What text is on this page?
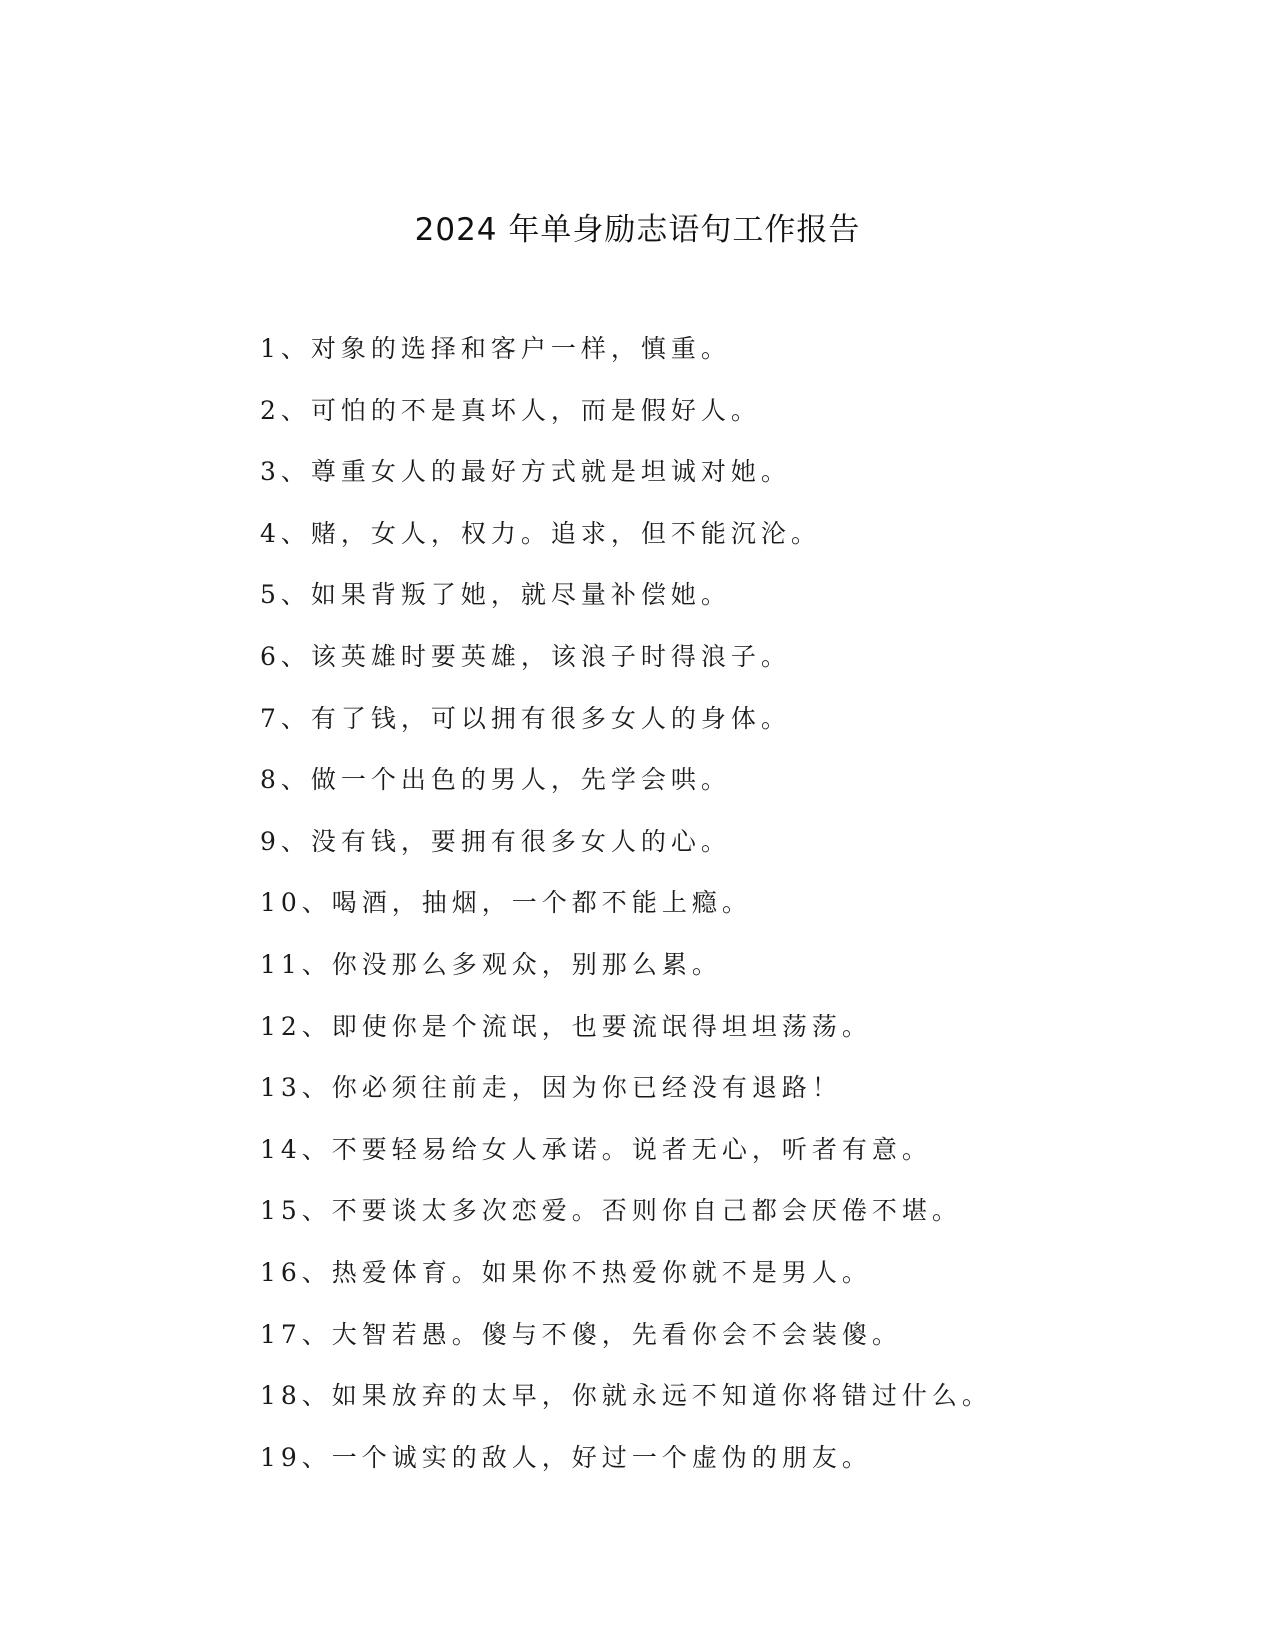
2024 年单身励志语句工作报告
1、对象的选择和客户一样，慎重。
2、可怕的不是真坏人，而是假好人。
3、尊重女人的最好方式就是坦诚对她。
4、赌，女人，权力。追求，但不能沉沦。
5、如果背叛了她，就尽量补偿她。
6、该英雄时要英雄，该浪子时得浪子。
7、有了钱，可以拥有很多女人的身体。
8、做一个出色的男人，先学会哄。
9、没有钱，要拥有很多女人的心。
10、喝酒，抽烟，一个都不能上瘾。
11、你没那么多观众，别那么累。
12、即使你是个流氓，也要流氓得坦坦荡荡。
13、你必须往前走，因为你已经没有退路！
14、不要轻易给女人承诺。说者无心，听者有意。
15、不要谈太多次恋爱。否则你自己都会厌倦不堪。
16、热爱体育。如果你不热爱你就不是男人。
17、大智若愚。傻与不傻，先看你会不会装傻。
18、如果放弃的太早，你就永远不知道你将错过什么。
19、一个诚实的敌人，好过一个虚伪的朋友。
